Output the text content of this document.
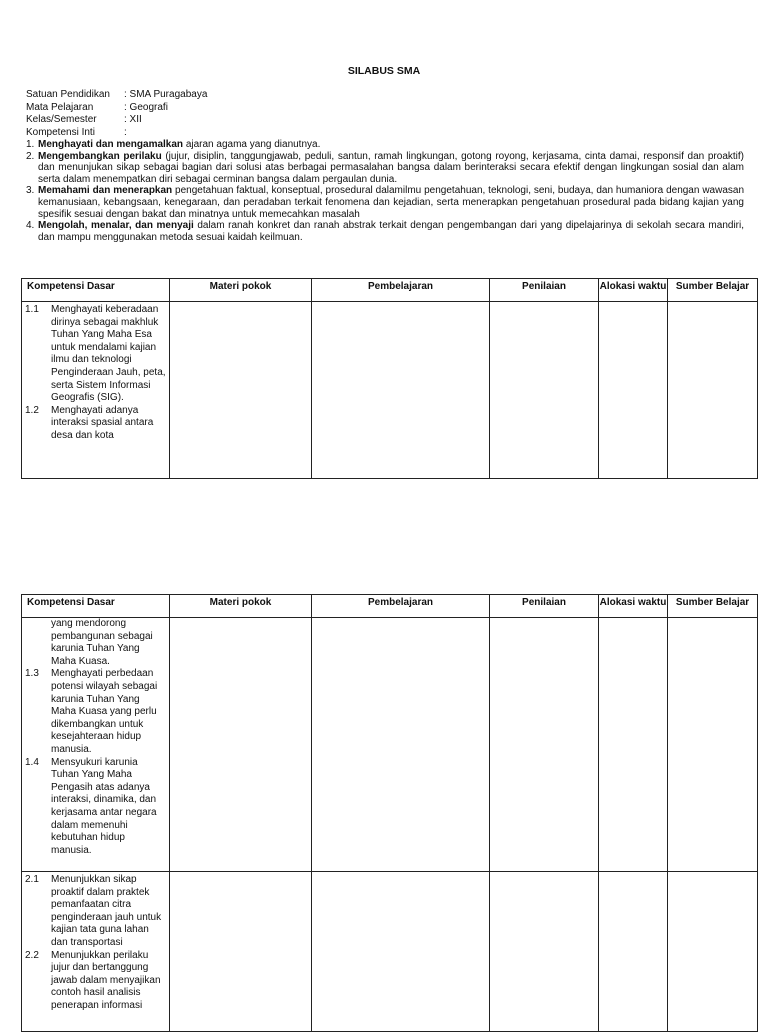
SILABUS SMA
Satuan Pendidikan	: SMA Puragabaya
Mata Pelajaran	: Geografi
Kelas/Semester	: XII
Kompetensi Inti	:
1. Menghayati dan mengamalkan ajaran agama yang dianutnya.
2. Mengembangkan perilaku (jujur, disiplin, tanggungjawab, peduli, santun, ramah lingkungan, gotong royong, kerjasama, cinta damai, responsif dan proaktif) dan menunjukan sikap sebagai bagian dari solusi atas berbagai permasalahan bangsa dalam berinteraksi secara efektif dengan lingkungan sosial dan alam serta dalam menempatkan diri sebagai cerminan bangsa dalam pergaulan dunia.
3. Memahami dan menerapkan pengetahuan faktual, konseptual, prosedural dalamilmu pengetahuan, teknologi, seni, budaya, dan humaniora dengan wawasan kemanusiaan, kebangsaan, kenegaraan, dan peradaban terkait fenomena dan kejadian, serta menerapkan pengetahuan prosedural pada bidang kajian yang spesifik sesuai dengan bakat dan minatnya untuk memecahkan masalah
4. Mengolah, menalar, dan menyaji dalam ranah konkret dan ranah abstrak terkait dengan pengembangan dari yang dipelajarinya di sekolah secara mandiri, dan mampu menggunakan metoda sesuai kaidah keilmuan.
Kompetensi Dasar	Materi pokok	Pembelajaran	Penilaian	Alokasi waktu	Sumber Belajar

1.1 Menghayati keberadaan dirinya sebagai makhluk Tuhan Yang Maha Esa untuk mendalami kajian ilmu dan teknologi Penginderaan Jauh, peta, serta Sistem Informasi Geografis (SIG).
1.2 Menghayati adanya interaksi spasial antara desa dan kota					

Kompetensi Dasar	Materi pokok	Pembelajaran	Penilaian	Alokasi waktu	Sumber Belajar

yang mendorong pembangunan sebagai karunia Tuhan Yang Maha Kuasa.
1.3 Menghayati perbedaan potensi wilayah sebagai karunia Tuhan Yang Maha Kuasa yang perlu dikembangkan untuk kesejahteraan hidup manusia.
1.4 Mensyukuri karunia Tuhan Yang Maha Pengasih atas adanya interaksi, dinamika, dan kerjasama antar negara dalam memenuhi kebutuhan hidup manusia.					

2.1 Menunjukkan sikap proaktif dalam praktek pemanfaatan citra penginderaan jauh untuk kajian tata guna lahan dan transportasi
2.2 Menunjukkan perilaku jujur dan bertanggung jawab dalam menyajikan contoh hasil analisis penerapan informasi					
